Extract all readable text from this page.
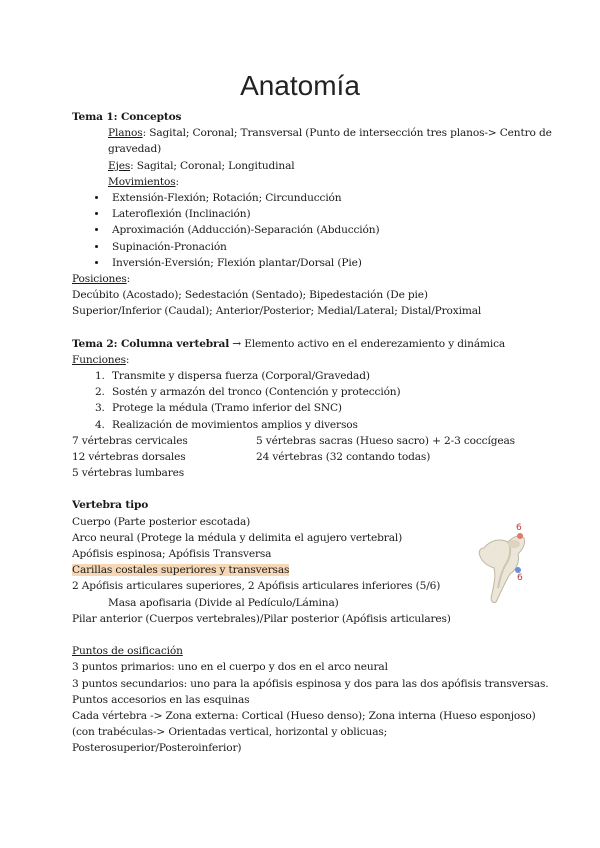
Anatomía

Tema 1: Conceptos

Planos: Sagital; Coronal; Transversal (Punto de intersección tres planos-> Centro de gravedad)

Ejes: Sagital; Coronal; Longitudinal

Movimientos:

• Extensión-Flexión; Rotación; Circunducción
• Lateroflexión (Inclinación)
• Aproximación (Adducción)-Separación (Abducción)
• Supinación-Pronación
• Inversión-Eversión; Flexión plantar/Dorsal (Pie)

Posiciones:

Decúbito (Acostado); Sedestación (Sentado); Bipedestación (De pie)

Superior/Inferior (Caudal); Anterior/Posterior; Medial/Lateral; Distal/Proximal

Tema 2: Columna vertebral → Elemento activo en el enderezamiento y dinámica

Funciones:

1. Transmite y dispersa fuerza (Corporal/Gravedad)
2. Sostén y armazón del tronco (Contención y protección)
3. Protege la médula (Tramo inferior del SNC)
4. Realización de movimientos amplios y diversos
7 vértebras cervicales	5 vértebras sacras (Hueso sacro) + 2-3 coccígeas
12 vértebras dorsales	24 vértebras (32 contando todas)
5 vértebras lumbares

Vertebra tipo

Cuerpo (Parte posterior escotada)

Arco neural (Protege la médula y delimita el agujero vertebral)

Apófisis espinosa; Apófisis Transversa

Carillas costales superiores y transversas

2 Apófisis articulares superiores, 2 Apófisis articulares inferiores (5/6)

Masa apofisaria (Divide al Pedículo/Lámina)

Pilar anterior (Cuerpos vertebrales)/Pilar posterior (Apófisis articulares)

Puntos de osificación

3 puntos primarios: uno en el cuerpo y dos en el arco neural

3 puntos secundarios: uno para la apófisis espinosa y dos para las dos apófisis transversas.

Puntos accesorios en las esquinas

Cada vértebra -> Zona externa: Cortical (Hueso denso); Zona interna (Hueso esponjoso) (con trabéculas-> Orientadas vertical, horizontal y oblicuas; Posterosuperior/Posteroinferior)

6
6
